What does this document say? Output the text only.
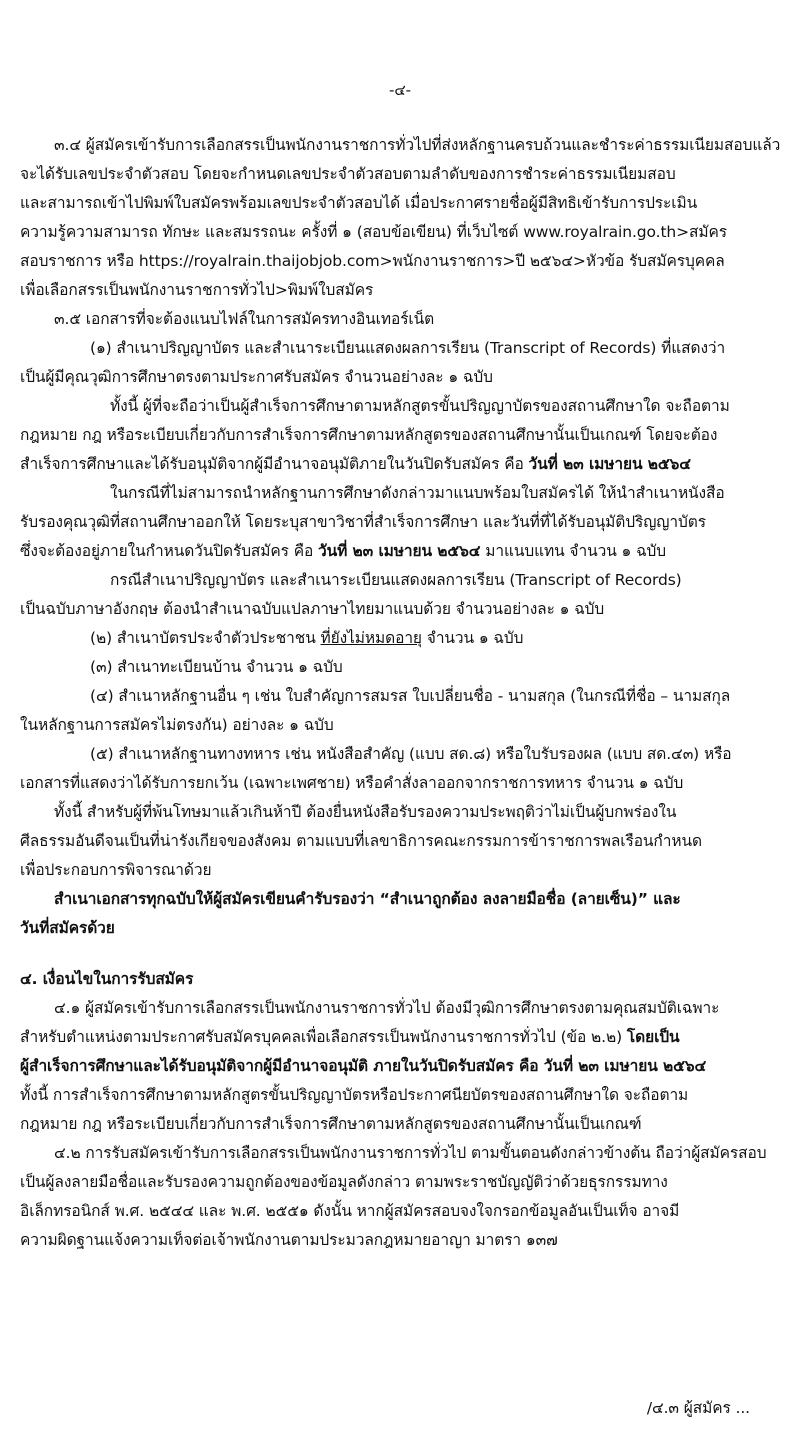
-๔-
๓.๔ ผู้สมัครเข้ารับการเลือกสรรเป็นพนักงานราชการทั่วไปที่ส่งหลักฐานครบถ้วนและชำระค่าธรรมเนียมสอบแล้ว
จะได้รับเลขประจำตัวสอบ โดยจะกำหนดเลขประจำตัวสอบตามลำดับของการชำระค่าธรรมเนียมสอบ
และสามารถเข้าไปพิมพ์ใบสมัครพร้อมเลขประจำตัวสอบได้ เมื่อประกาศรายชื่อผู้มีสิทธิเข้ารับการประเมิน
ความรู้ความสามารถ ทักษะ และสมรรถนะ ครั้งที่ ๑ (สอบข้อเขียน) ที่เว็บไซต์ www.royalrain.go.th>สมัคร
สอบราชการ หรือ https://royalrain.thaijobjob.com>พนักงานราชการ>ปี ๒๕๖๔>หัวข้อ รับสมัครบุคคล
เพื่อเลือกสรรเป็นพนักงานราชการทั่วไป>พิมพ์ใบสมัคร
๓.๕ เอกสารที่จะต้องแนบไฟล์ในการสมัครทางอินเทอร์เน็ต
(๑) สำเนาปริญญาบัตร และสำเนาระเบียนแสดงผลการเรียน (Transcript of Records) ที่แสดงว่า
เป็นผู้มีคุณวุฒิการศึกษาตรงตามประกาศรับสมัคร จำนวนอย่างละ ๑ ฉบับ
ทั้งนี้ ผู้ที่จะถือว่าเป็นผู้สำเร็จการศึกษาตามหลักสูตรขั้นปริญญาบัตรของสถานศึกษาใด จะถือตาม
กฎหมาย กฎ หรือระเบียบเกี่ยวกับการสำเร็จการศึกษาตามหลักสูตรของสถานศึกษานั้นเป็นเกณฑ์ โดยจะต้อง
สำเร็จการศึกษาและได้รับอนุมัติจากผู้มีอำนาจอนุมัติภายในวันปิดรับสมัคร คือ วันที่ ๒๓ เมษายน ๒๕๖๔
ในกรณีที่ไม่สามารถนำหลักฐานการศึกษาดังกล่าวมาแนบพร้อมใบสมัครได้ ให้นำสำเนาหนังสือ
รับรองคุณวุฒิที่สถานศึกษาออกให้ โดยระบุสาขาวิชาที่สำเร็จการศึกษา และวันที่ที่ได้รับอนุมัติปริญญาบัตร
ซึ่งจะต้องอยู่ภายในกำหนดวันปิดรับสมัคร คือ วันที่ ๒๓ เมษายน ๒๕๖๔ มาแนบแทน จำนวน ๑ ฉบับ
กรณีสำเนาปริญญาบัตร และสำเนาระเบียนแสดงผลการเรียน (Transcript of Records)
เป็นฉบับภาษาอังกฤษ ต้องนำสำเนาฉบับแปลภาษาไทยมาแนบด้วย จำนวนอย่างละ ๑ ฉบับ
(๒) สำเนาบัตรประจำตัวประชาชน ที่ยังไม่หมดอายุ จำนวน ๑ ฉบับ
(๓) สำเนาทะเบียนบ้าน จำนวน ๑ ฉบับ
(๔) สำเนาหลักฐานอื่น ๆ เช่น ใบสำคัญการสมรส ใบเปลี่ยนชื่อ - นามสกุล (ในกรณีที่ชื่อ – นามสกุล
ในหลักฐานการสมัครไม่ตรงกัน) อย่างละ ๑ ฉบับ
(๕) สำเนาหลักฐานทางทหาร เช่น หนังสือสำคัญ (แบบ สด.๘) หรือใบรับรองผล (แบบ สด.๔๓) หรือ
เอกสารที่แสดงว่าได้รับการยกเว้น (เฉพาะเพศชาย) หรือคำสั่งลาออกจากราชการทหาร จำนวน ๑ ฉบับ
ทั้งนี้ สำหรับผู้ที่พ้นโทษมาแล้วเกินห้าปี ต้องยื่นหนังสือรับรองความประพฤติว่าไม่เป็นผู้บกพร่องใน
ศีลธรรมอันดีจนเป็นที่น่ารังเกียจของสังคม ตามแบบที่เลขาธิการคณะกรรมการข้าราชการพลเรือนกำหนด
เพื่อประกอบการพิจารณาด้วย
สำเนาเอกสารทุกฉบับให้ผู้สมัครเขียนคำรับรองว่า “สำเนาถูกต้อง ลงลายมือชื่อ (ลายเซ็น)” และ
วันที่สมัครด้วย
๔. เงื่อนไขในการรับสมัคร
๔.๑ ผู้สมัครเข้ารับการเลือกสรรเป็นพนักงานราชการทั่วไป ต้องมีวุฒิการศึกษาตรงตามคุณสมบัติเฉพาะ
สำหรับตำแหน่งตามประกาศรับสมัครบุคคลเพื่อเลือกสรรเป็นพนักงานราชการทั่วไป (ข้อ ๒.๒) โดยเป็น
ผู้สำเร็จการศึกษาและได้รับอนุมัติจากผู้มีอำนาจอนุมัติ ภายในวันปิดรับสมัคร คือ วันที่ ๒๓ เมษายน ๒๕๖๔
ทั้งนี้ การสำเร็จการศึกษาตามหลักสูตรขั้นปริญญาบัตรหรือประกาศนียบัตรของสถานศึกษาใด จะถือตาม
กฎหมาย กฎ หรือระเบียบเกี่ยวกับการสำเร็จการศึกษาตามหลักสูตรของสถานศึกษานั้นเป็นเกณฑ์
๔.๒ การรับสมัครเข้ารับการเลือกสรรเป็นพนักงานราชการทั่วไป ตามขั้นตอนดังกล่าวข้างต้น ถือว่าผู้สมัครสอบ
เป็นผู้ลงลายมือชื่อและรับรองความถูกต้องของข้อมูลดังกล่าว ตามพระราชบัญญัติว่าด้วยธุรกรรมทาง
อิเล็กทรอนิกส์ พ.ศ. ๒๕๔๔ และ พ.ศ. ๒๕๕๑ ดังนั้น หากผู้สมัครสอบจงใจกรอกข้อมูลอันเป็นเท็จ อาจมี
ความผิดฐานแจ้งความเท็จต่อเจ้าพนักงานตามประมวลกฎหมายอาญา มาตรา ๑๓๗
/๔.๓ ผู้สมัคร ...
